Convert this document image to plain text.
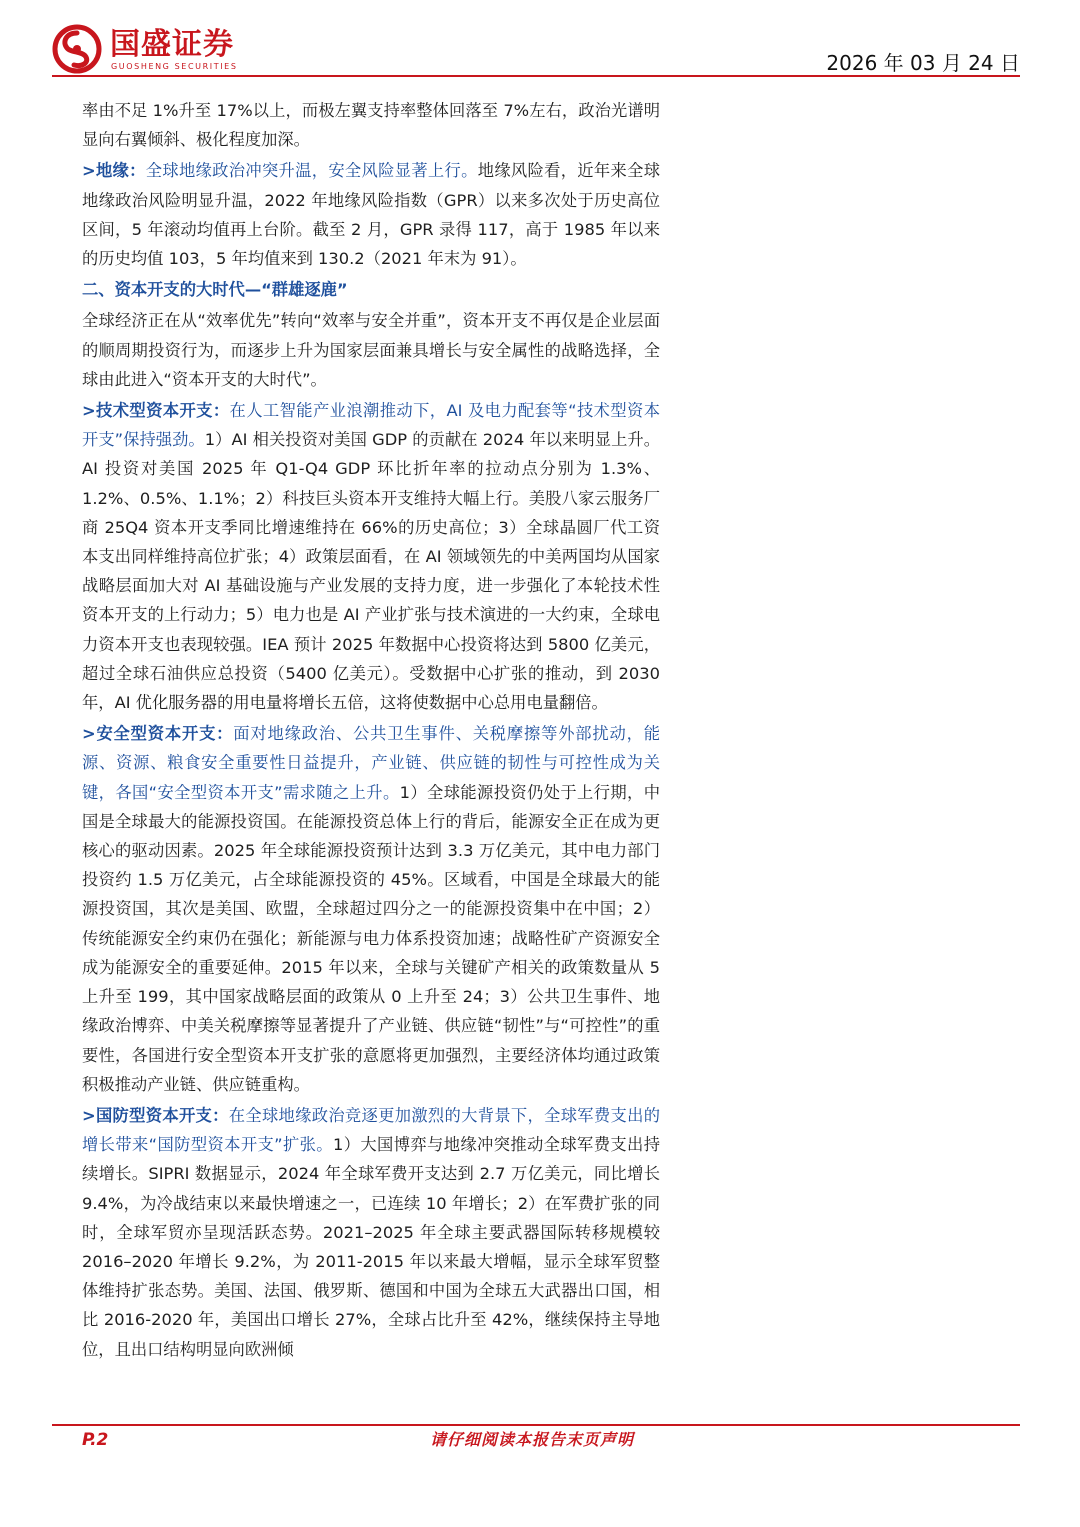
国盛证券
GUOSHENG SECURITIES	2026 年 03 月 24 日

率由不足 1%升至 17%以上，而极左翼支持率整体回落至 7%左右，政治光谱明显向右翼倾斜、极化程度加深。

>地缘：全球地缘政治冲突升温，安全风险显著上行。地缘风险看，近年来全球地缘政治风险明显升温，2022 年地缘风险指数（GPR）以来多次处于历史高位区间，5 年滚动均值再上台阶。截至 2 月，GPR 录得 117，高于 1985 年以来的历史均值 103，5 年均值来到 130.2（2021 年末为 91）。

二、资本开支的大时代—“群雄逐鹿”

全球经济正在从“效率优先”转向“效率与安全并重”，资本开支不再仅是企业层面的顺周期投资行为，而逐步上升为国家层面兼具增长与安全属性的战略选择，全球由此进入“资本开支的大时代”。

>技术型资本开支：在人工智能产业浪潮推动下，AI 及电力配套等“技术型资本开支”保持强劲。1）AI 相关投资对美国 GDP 的贡献在 2024 年以来明显上升。AI 投资对美国 2025 年 Q1-Q4 GDP 环比折年率的拉动点分别为 1.3%、1.2%、0.5%、1.1%；2）科技巨头资本开支维持大幅上行。美股八家云服务厂商 25Q4 资本开支季同比增速维持在 66%的历史高位；3）全球晶圆厂代工资本支出同样维持高位扩张；4）政策层面看，在 AI 领域领先的中美两国均从国家战略层面加大对 AI 基础设施与产业发展的支持力度，进一步强化了本轮技术性资本开支的上行动力；5）电力也是 AI 产业扩张与技术演进的一大约束，全球电力资本开支也表现较强。IEA 预计 2025 年数据中心投资将达到 5800 亿美元，超过全球石油供应总投资（5400 亿美元）。受数据中心扩张的推动，到 2030 年，AI 优化服务器的用电量将增长五倍，这将使数据中心总用电量翻倍。

>安全型资本开支：面对地缘政治、公共卫生事件、关税摩擦等外部扰动，能源、资源、粮食安全重要性日益提升，产业链、供应链的韧性与可控性成为关键，各国“安全型资本开支”需求随之上升。1）全球能源投资仍处于上行期，中国是全球最大的能源投资国。在能源投资总体上行的背后，能源安全正在成为更核心的驱动因素。2025 年全球能源投资预计达到 3.3 万亿美元，其中电力部门投资约 1.5 万亿美元，占全球能源投资的 45%。区域看，中国是全球最大的能源投资国，其次是美国、欧盟，全球超过四分之一的能源投资集中在中国；2）传统能源安全约束仍在强化；新能源与电力体系投资加速；战略性矿产资源安全成为能源安全的重要延伸。2015 年以来，全球与关键矿产相关的政策数量从 5 上升至 199，其中国家战略层面的政策从 0 上升至 24；3）公共卫生事件、地缘政治博弈、中美关税摩擦等显著提升了产业链、供应链“韧性”与“可控性”的重要性，各国进行安全型资本开支扩张的意愿将更加强烈，主要经济体均通过政策积极推动产业链、供应链重构。

>国防型资本开支：在全球地缘政治竞逐更加激烈的大背景下，全球军费支出的增长带来“国防型资本开支”扩张。1）大国博弈与地缘冲突推动全球军费支出持续增长。SIPRI 数据显示，2024 年全球军费开支达到 2.7 万亿美元，同比增长 9.4%，为冷战结束以来最快增速之一，已连续 10 年增长；2）在军费扩张的同时，全球军贸亦呈现活跃态势。2021–2025 年全球主要武器国际转移规模较 2016–2020 年增长 9.2%，为 2011-2015 年以来最大增幅，显示全球军贸整体维持扩张态势。美国、法国、俄罗斯、德国和中国为全球五大武器出口国，相比 2016-2020 年，美国出口增长 27%，全球占比升至 42%，继续保持主导地位，且出口结构明显向欧洲倾

P.2	请仔细阅读本报告末页声明
